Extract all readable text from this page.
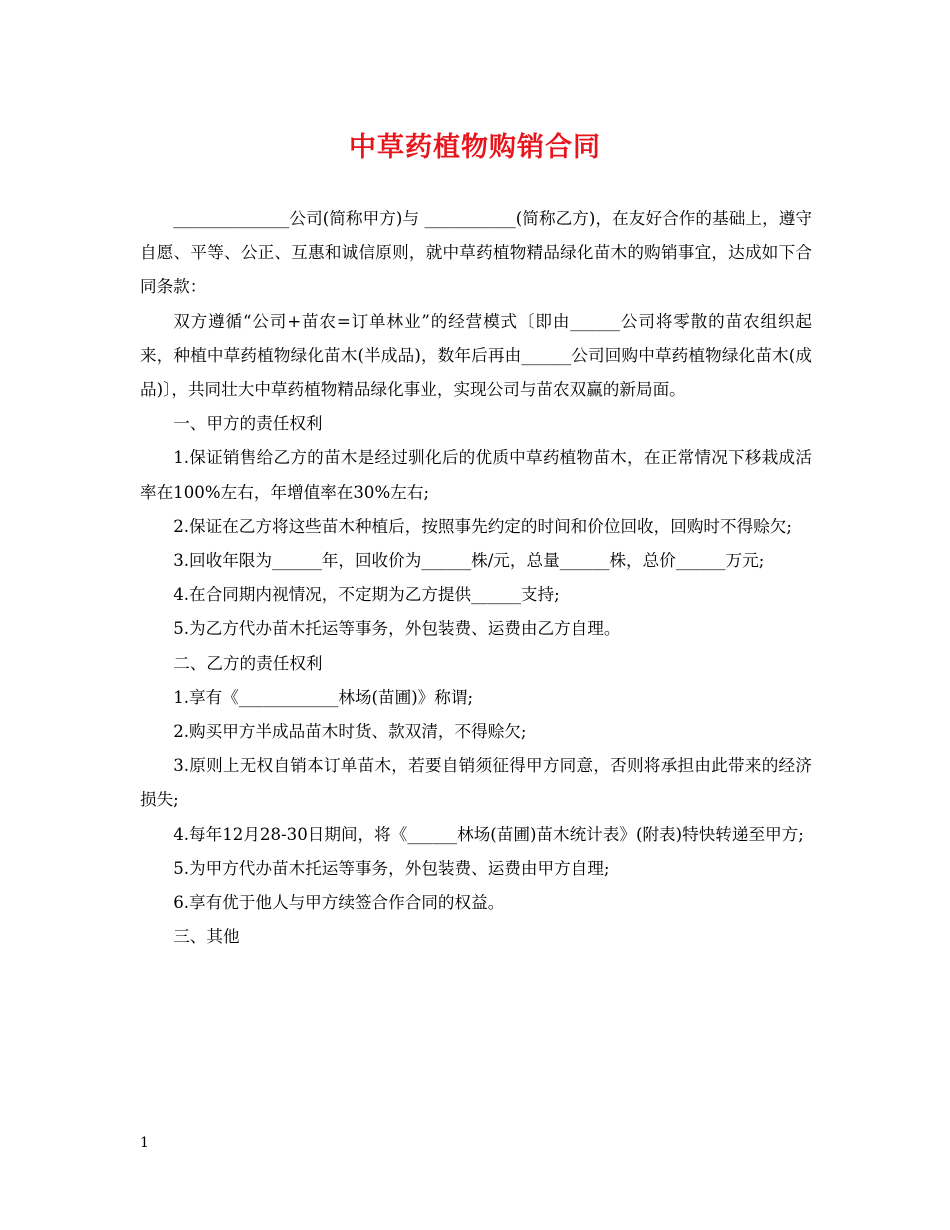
中草药植物购销合同

______________公司(简称甲方)与 ___________(简称乙方)，在友好合作的基础上，遵守自愿、平等、公正、互惠和诚信原则，就中草药植物精品绿化苗木的购销事宜，达成如下合同条款：

双方遵循“公司+苗农=订单林业”的经营模式〔即由______公司将零散的苗农组织起来，种植中草药植物绿化苗木(半成品)，数年后再由______公司回购中草药植物绿化苗木(成品)〕，共同壮大中草药植物精品绿化事业，实现公司与苗农双赢的新局面。

一、甲方的责任权利

1.保证销售给乙方的苗木是经过驯化后的优质中草药植物苗木，在正常情况下移栽成活率在100%左右，年增值率在30%左右;

2.保证在乙方将这些苗木种植后，按照事先约定的时间和价位回收，回购时不得赊欠;

3.回收年限为______年，回收价为______株/元，总量______株，总价______万元;

4.在合同期内视情况，不定期为乙方提供______支持;

5.为乙方代办苗木托运等事务，外包装费、运费由乙方自理。

二、乙方的责任权利

1.享有《____________林场(苗圃)》称谓;

2.购买甲方半成品苗木时货、款双清，不得赊欠;

3.原则上无权自销本订单苗木，若要自销须征得甲方同意，否则将承担由此带来的经济损失;

4.每年12月28-30日期间，将《______林场(苗圃)苗木统计表》(附表)特快转递至甲方;

5.为甲方代办苗木托运等事务，外包装费、运费由甲方自理;

6.享有优于他人与甲方续签合作合同的权益。

三、其他

1
